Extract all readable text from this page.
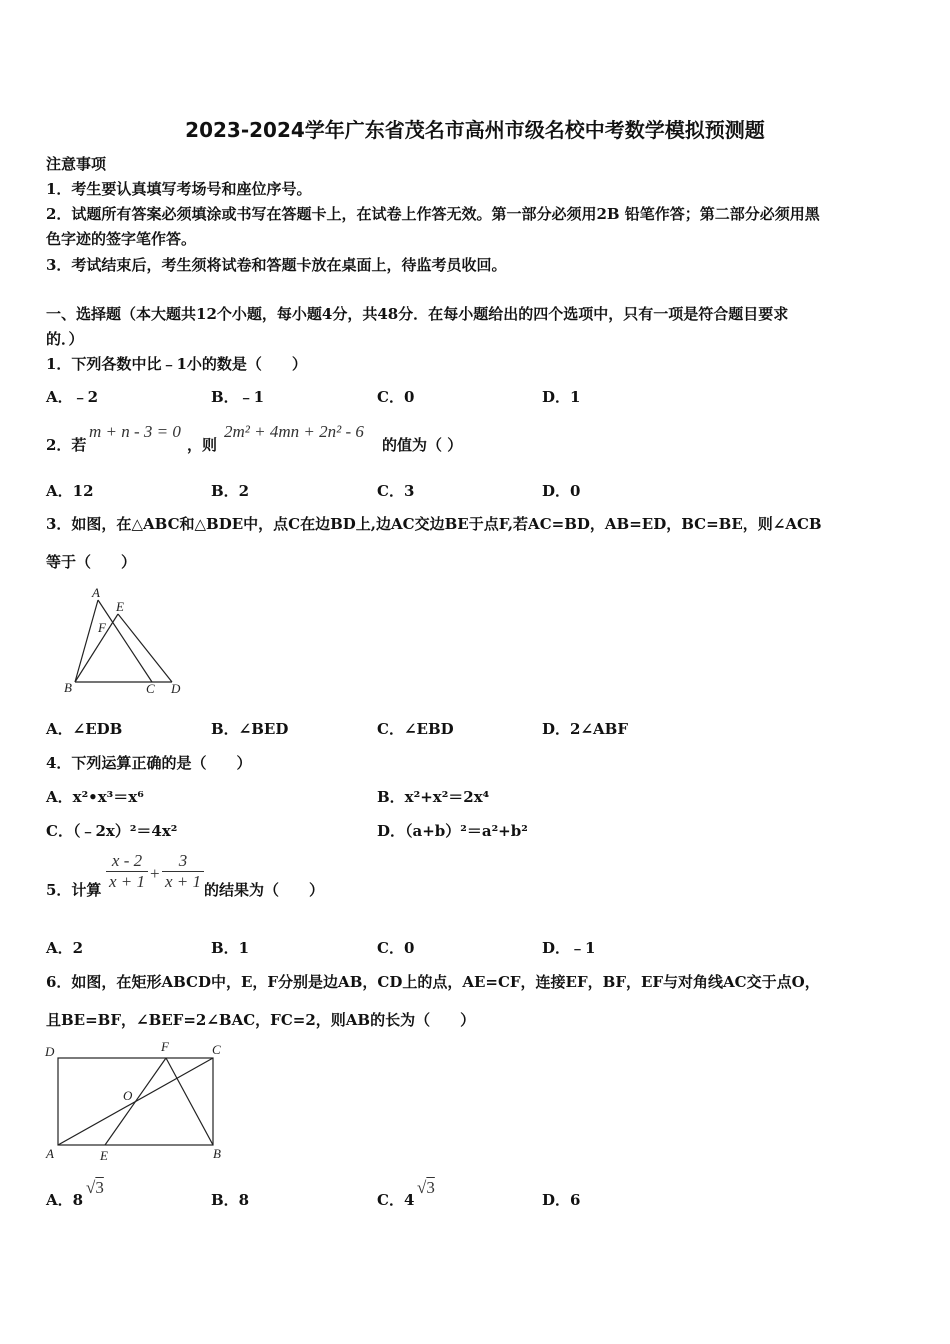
2023-2024学年广东省茂名市高州市级名校中考数学模拟预测题
注意事项
1．考生要认真填写考场号和座位序号。
2．试题所有答案必须填涂或书写在答题卡上，在试卷上作答无效。第一部分必须用2B 铅笔作答；第二部分必须用黑
色字迹的签字笔作答。
3．考试结束后，考生须将试卷和答题卡放在桌面上，待监考员收回。
一、选择题（本大题共12个小题，每小题4分，共48分．在每小题给出的四个选项中，只有一项是符合题目要求
的．）
1．下列各数中比﹣1小的数是（　　）
A．﹣2	B．﹣1	C．0	D．1
2．若
m + n - 3 = 0
，则
2m² + 4mn + 2n² - 6
的值为（ ）
A．12	B．2	C．3	D．0
3．如图，在△ABC和△BDE中，点C在边BD上,边AC交边BE于点F,若AC=BD，AB=ED，BC=BE，则∠ACB
等于（　　）
A
E
F
B	C D
A．∠EDB	B．∠BED	C．∠EBD	D．2∠ABF
4．下列运算正确的是（　　）
A．x²•x³＝x⁶	B．x²+x²＝2x⁴
C．（﹣2x）²＝4x²	D．（a+b）²＝a²+b²
5．计算 $\frac{x - 2}{x + 1} + \frac{3}{x + 1}$ 的结果为（　　）
A．2	B．1	C．0	D．﹣1
6．如图，在矩形ABCD中，E，F分别是边AB，CD上的点，AE=CF，连接EF，BF，EF与对角线AC交于点O，
且BE=BF，∠BEF=2∠BAC，FC=2，则AB的长为（　　）
D	F	C
O
A	E	B
A．8
√3
B．8	C．4
√3
D．6
